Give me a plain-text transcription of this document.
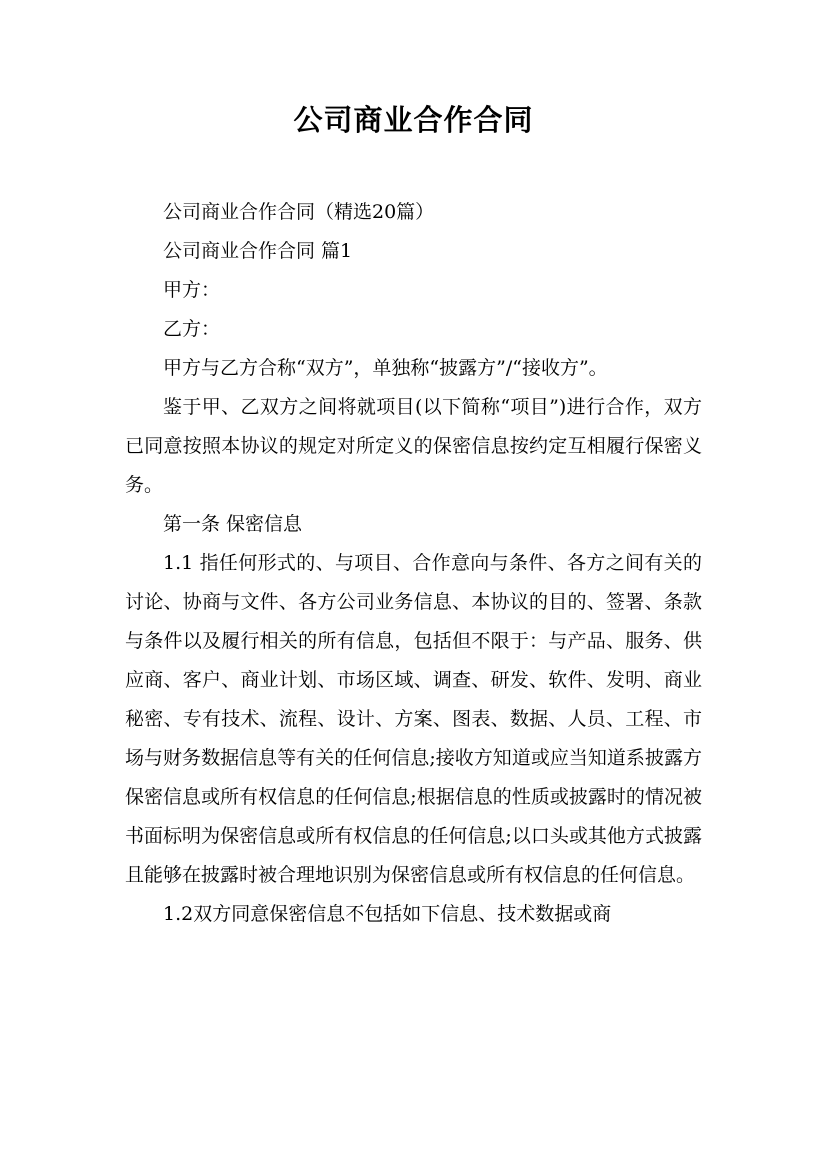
公司商业合作合同

公司商业合作合同（精选20篇）

公司商业合作合同 篇1

甲方：

乙方：

甲方与乙方合称“双方”，单独称“披露方”/“接收方”。

鉴于甲、乙双方之间将就项目(以下简称“项目”)进行合作，双方已同意按照本协议的规定对所定义的保密信息按约定互相履行保密义务。

第一条 保密信息

1.1 指任何形式的、与项目、合作意向与条件、各方之间有关的讨论、协商与文件、各方公司业务信息、本协议的目的、签署、条款与条件以及履行相关的所有信息，包括但不限于：与产品、服务、供应商、客户、商业计划、市场区域、调查、研发、软件、发明、商业秘密、专有技术、流程、设计、方案、图表、数据、人员、工程、市场与财务数据信息等有关的任何信息;接收方知道或应当知道系披露方保密信息或所有权信息的任何信息;根据信息的性质或披露时的情况被书面标明为保密信息或所有权信息的任何信息;以口头或其他方式披露且能够在披露时被合理地识别为保密信息或所有权信息的任何信息。

1.2双方同意保密信息不包括如下信息、技术数据或商
